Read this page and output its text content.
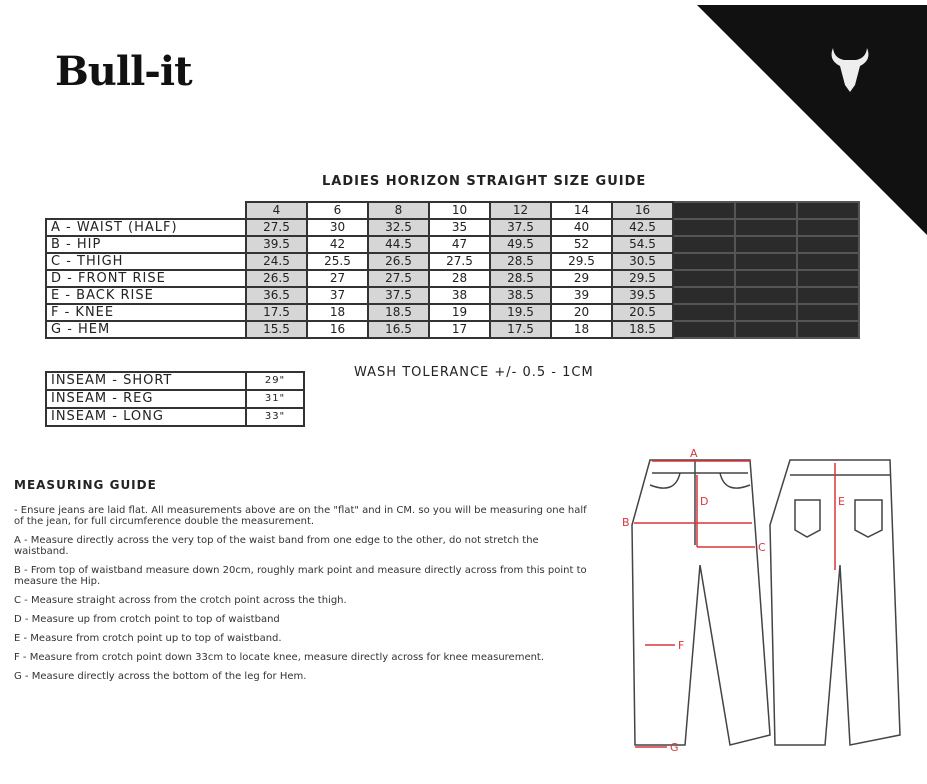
Bull-it
LADIES HORIZON STRAIGHT SIZE GUIDE
	4	6	8	10	12	14	16			
A - WAIST (HALF)	27.5	30	32.5	35	37.5	40	42.5			
B - HIP	39.5	42	44.5	47	49.5	52	54.5			
C - THIGH	24.5	25.5	26.5	27.5	28.5	29.5	30.5			
D - FRONT RISE	26.5	27	27.5	28	28.5	29	29.5			
E - BACK RISE	36.5	37	37.5	38	38.5	39	39.5			
F - KNEE	17.5	18	18.5	19	19.5	20	20.5			
G - HEM	15.5	16	16.5	17	17.5	18	18.5			
INSEAM - SHORT	29"
INSEAM - REG	31"
INSEAM - LONG	33"
WASH TOLERANCE +/- 0.5 - 1CM
MEASURING GUIDE

- Ensure jeans are laid flat. All measurements above are on the "flat" and in CM. so you will be measuring one half of the jean, for full circumference double the measurement.

A - Measure directly across the very top of the waist band from one edge to the other, do not stretch the waistband.

B - From top of waistband measure down 20cm, roughly mark point and measure directly across from this point to measure the Hip.

C - Measure straight across from the crotch point across the thigh.

D - Measure up from crotch point to top of waistband

E - Measure from crotch point up to top of waistband.

F - Measure from crotch point down 33cm to locate knee, measure directly across for knee measurement.

G - Measure directly across the bottom of the leg for Hem.

A
B
C
D	E
F
G
